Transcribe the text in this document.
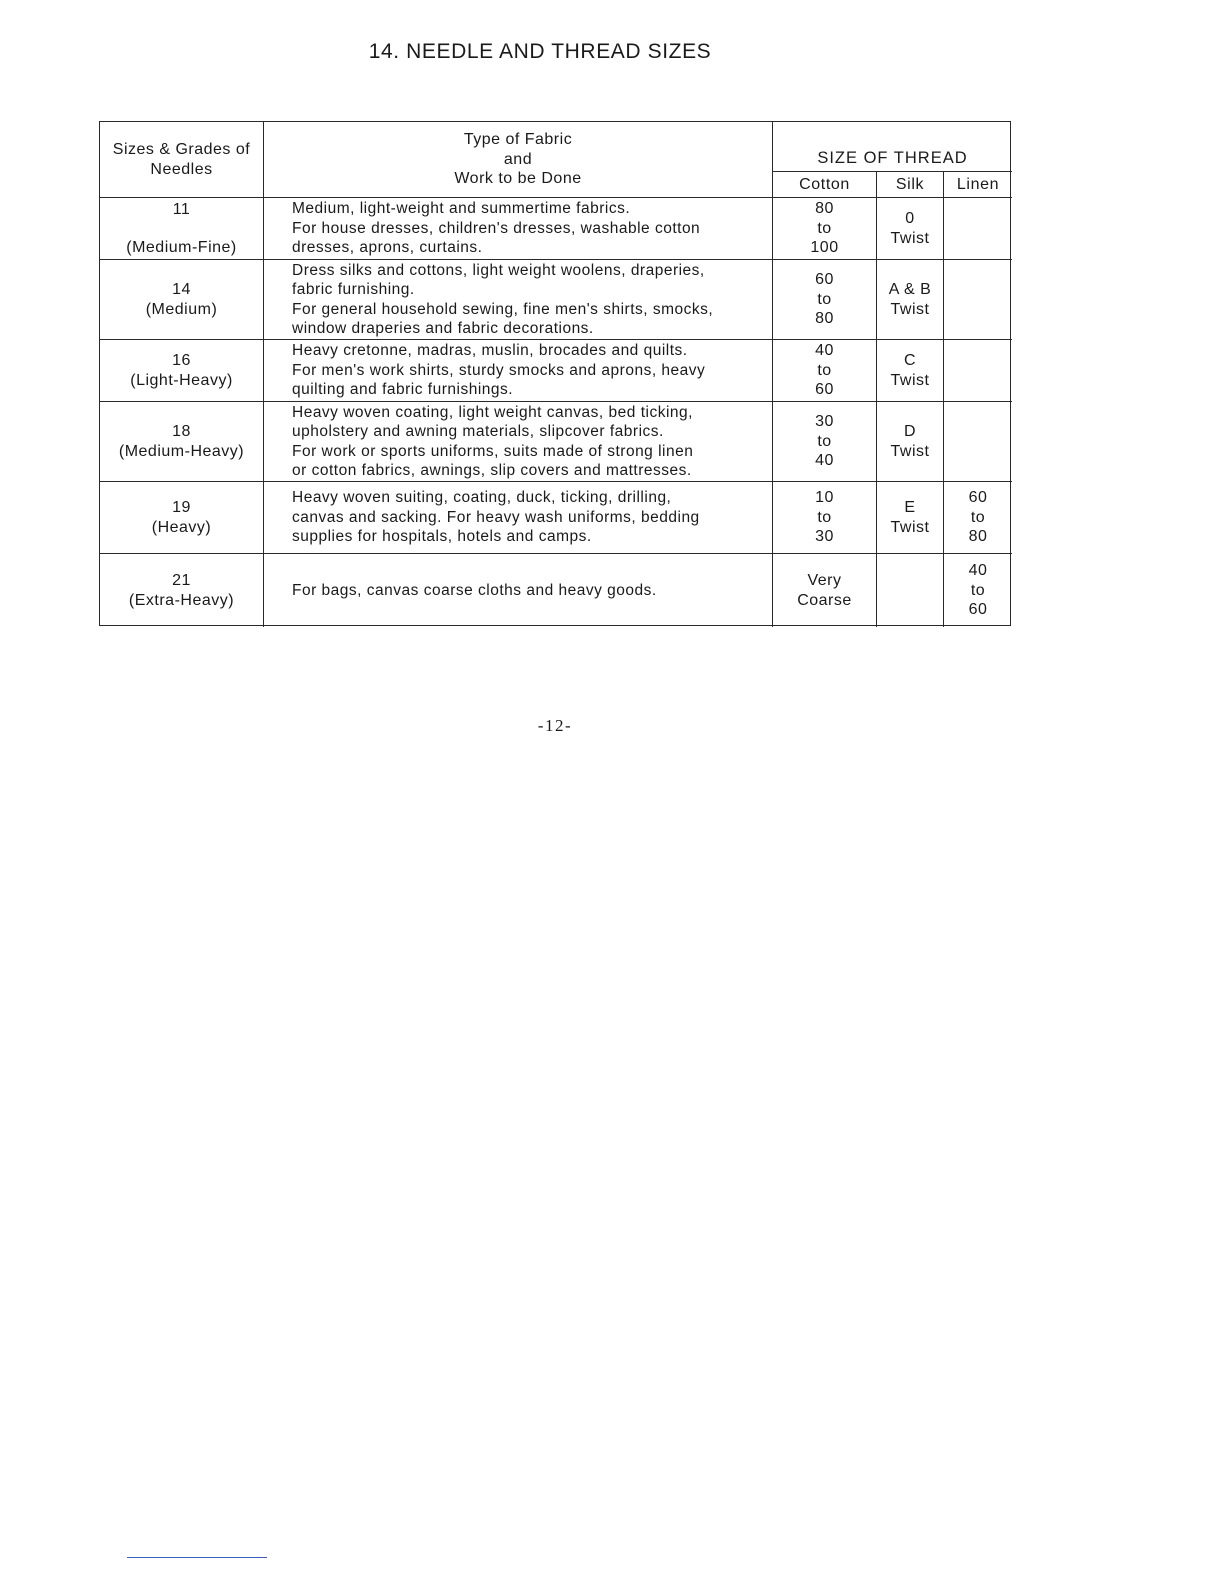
14. NEEDLE AND THREAD SIZES
Sizes & Grades of
Needles
Type of Fabric
and
Work to be Done
SIZE OF THREAD
Cotton	Silk	Linen
11
(Medium-Fine)
Medium, light-weight and summertime fabrics.
For house dresses, children's dresses, washable cotton
dresses, aprons, curtains.
80
to
100
0
Twist
14
(Medium)
Dress silks and cottons, light weight woolens, draperies,
fabric furnishing.
For general household sewing, fine men's shirts, smocks,
window draperies and fabric decorations.
60
to
80
A & B
Twist
16
(Light-Heavy)
Heavy cretonne, madras, muslin, brocades and quilts.
For men's work shirts, sturdy smocks and aprons, heavy
quilting and fabric furnishings.
40
to
60
C
Twist
18
(Medium-Heavy)
Heavy woven coating, light weight canvas, bed ticking,
upholstery and awning materials, slipcover fabrics.
For work or sports uniforms, suits made of strong linen
or cotton fabrics, awnings, slip covers and mattresses.
30
to
40
D
Twist
19
(Heavy)
Heavy woven suiting, coating, duck, ticking, drilling,
canvas and sacking. For heavy wash uniforms, bedding
supplies for hospitals, hotels and camps.
10
to
30
E
Twist
60
to
80
21
(Extra-Heavy)
For bags, canvas coarse cloths and heavy goods.
Very
Coarse
40
to
60
-12-
